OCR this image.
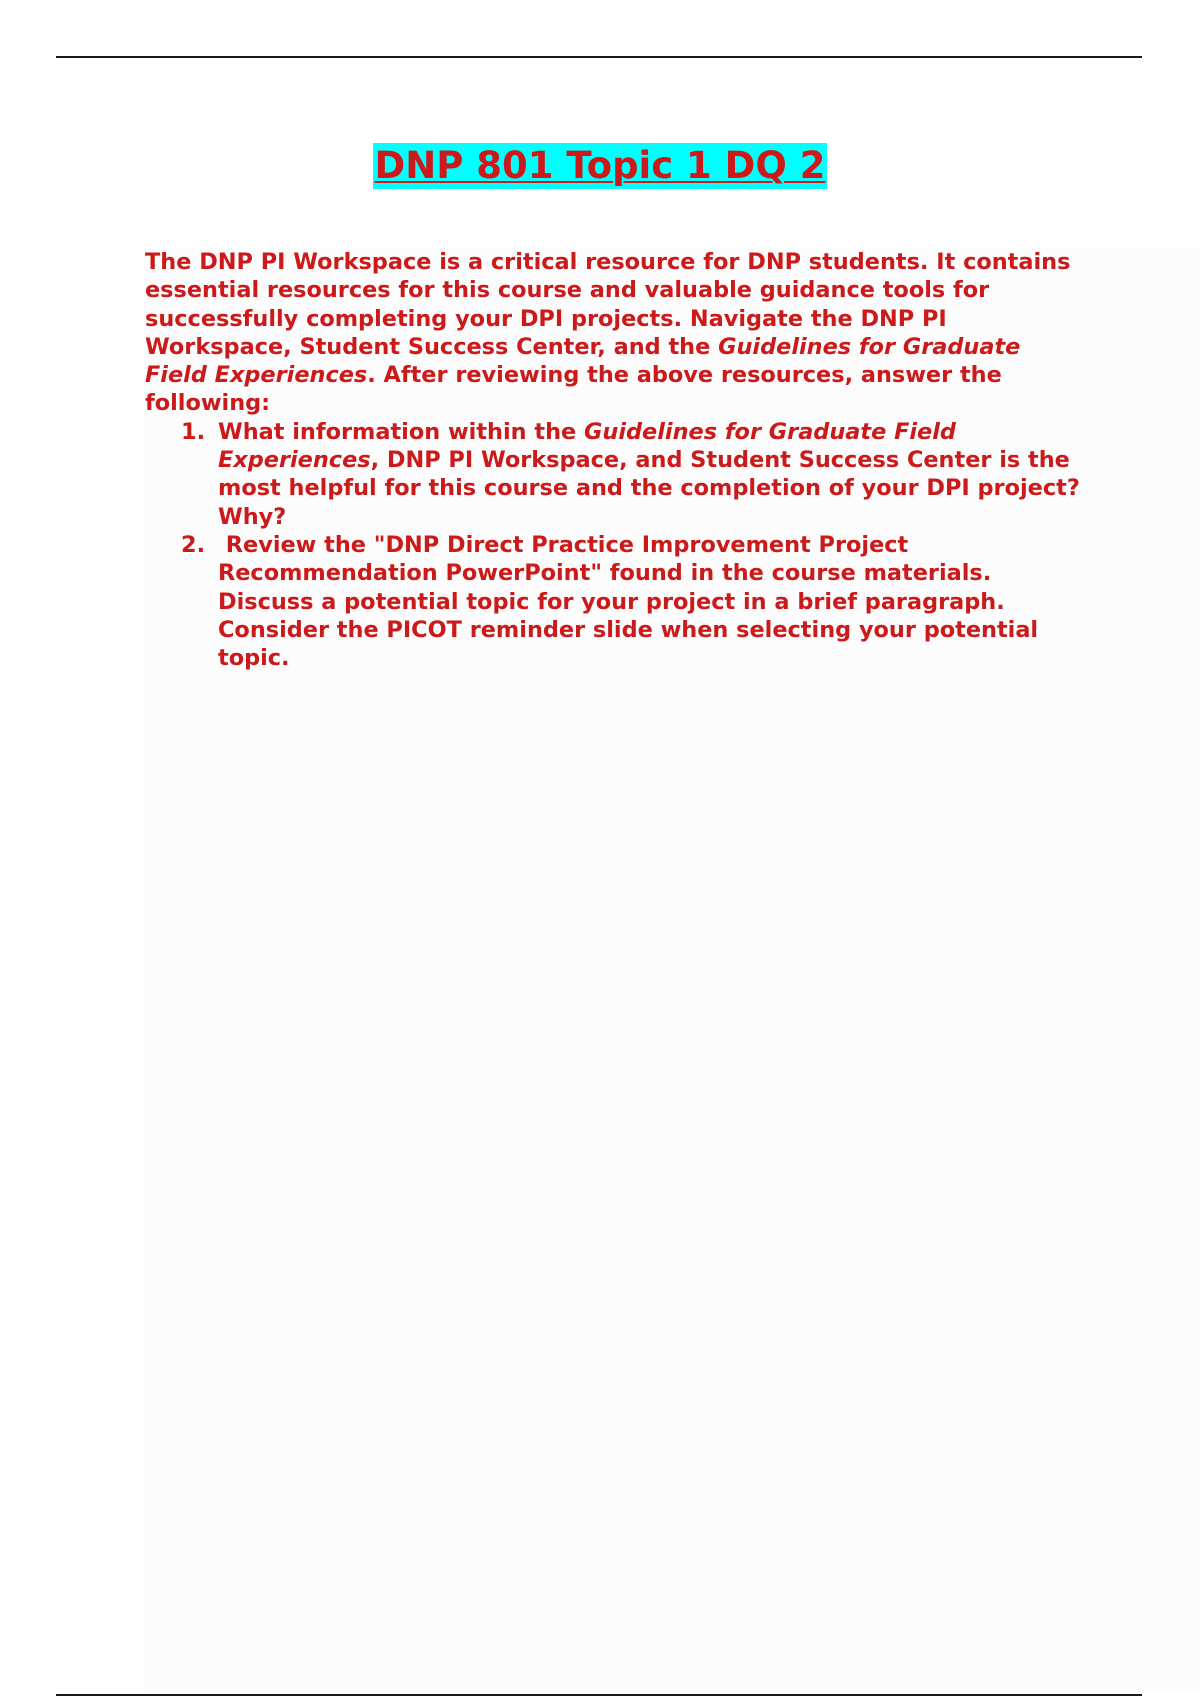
DNP 801 Topic 1 DQ 2

The DNP PI Workspace is a critical resource for DNP students. It contains essential resources for this course and valuable guidance tools for successfully completing your DPI projects. Navigate the DNP PI Workspace, Student Success Center, and the Guidelines for Graduate Field Experiences. After reviewing the above resources, answer the following:

1. What information within the Guidelines for Graduate Field Experiences, DNP PI Workspace, and Student Success Center is the most helpful for this course and the completion of your DPI project? Why?
2. Review the "DNP Direct Practice Improvement Project Recommendation PowerPoint" found in the course materials. Discuss a potential topic for your project in a brief paragraph. Consider the PICOT reminder slide when selecting your potential topic.
